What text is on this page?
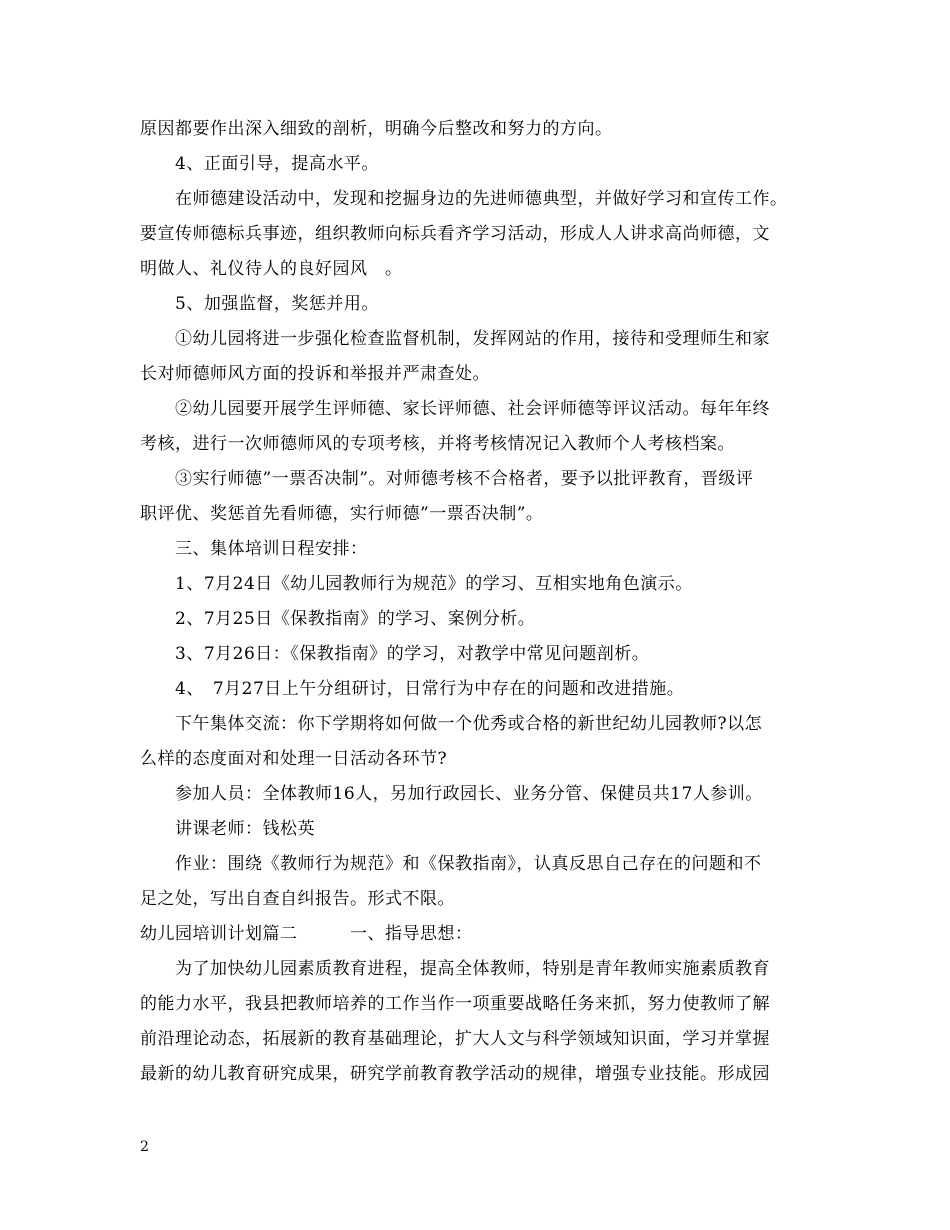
原因都要作出深入细致的剖析，明确今后整改和努力的方向。
4、正面引导，提高水平。
在师德建设活动中，发现和挖掘身边的先进师德典型，并做好学习和宣传工作。
要宣传师德标兵事迹，组织教师向标兵看齐学习活动，形成人人讲求高尚师德，文
明做人、礼仪待人的良好园风　。
5、加强监督，奖惩并用。
①幼儿园将进一步强化检查监督机制，发挥网站的作用，接待和受理师生和家
长对师德师风方面的投诉和举报并严肃查处。
②幼儿园要开展学生评师德、家长评师德、社会评师德等评议活动。每年年终
考核，进行一次师德师风的专项考核，并将考核情况记入教师个人考核档案。
③实行师德”一票否决制”。对师德考核不合格者，要予以批评教育，晋级评
职评优、奖惩首先看师德，实行师德”一票否决制”。
三、集体培训日程安排：
1、7月24日《幼儿园教师行为规范》的学习、互相实地角色演示。
2、7月25日《保教指南》的学习、案例分析。
3、7月26日：《保教指南》的学习，对教学中常见问题剖析。
4、　7月27日上午分组研讨，日常行为中存在的问题和改进措施。
下午集体交流：你下学期将如何做一个优秀或合格的新世纪幼儿园教师?以怎
么样的态度面对和处理一日活动各环节?
参加人员：全体教师16人，另加行政园长、业务分管、保健员共17人参训。
讲课老师：钱松英
作业：围绕《教师行为规范》和《保教指南》，认真反思自己存在的问题和不
足之处，写出自查自纠报告。形式不限。
幼儿园培训计划篇二　　　一、指导思想：
为了加快幼儿园素质教育进程，提高全体教师，特别是青年教师实施素质教育
的能力水平，我县把教师培养的工作当作一项重要战略任务来抓，努力使教师了解
前沿理论动态，拓展新的教育基础理论，扩大人文与科学领域知识面，学习并掌握
最新的幼儿教育研究成果，研究学前教育教学活动的规律，增强专业技能。形成园
2
